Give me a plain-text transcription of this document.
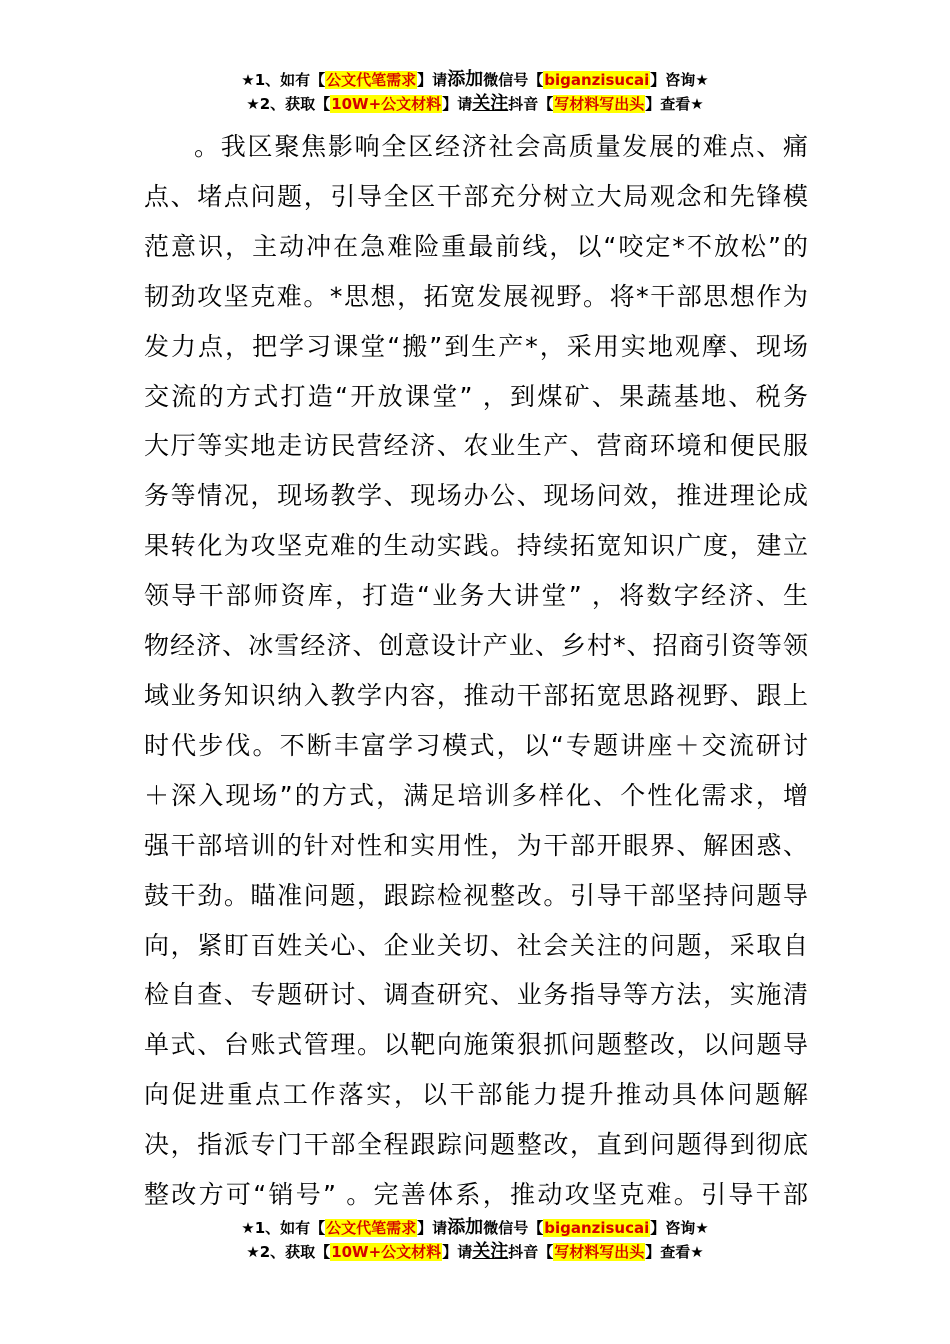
★1、如有【公文代笔需求】请添加微信号【biganzisucai】咨询★
★2、获取【10W+公文材料】请关注抖音【写材料写出头】查看★
。我区聚焦影响全区经济社会高质量发展的难点、痛
点、堵点问题，引导全区干部充分树立大局观念和先锋模
范意识，主动冲在急难险重最前线，以“咬定*不放松”的
韧劲攻坚克难。*思想，拓宽发展视野。将*干部思想作为
发力点，把学习课堂“搬”到生产*，采用实地观摩、现场
交流的方式打造“开放课堂” ，到煤矿、果蔬基地、税务
大厅等实地走访民营经济、农业生产、营商环境和便民服
务等情况，现场教学、现场办公、现场问效，推进理论成
果转化为攻坚克难的生动实践。持续拓宽知识广度，建立
领导干部师资库，打造“业务大讲堂” ，将数字经济、生
物经济、冰雪经济、创意设计产业、乡村*、招商引资等领
域业务知识纳入教学内容，推动干部拓宽思路视野、跟上
时代步伐。不断丰富学习模式，以“专题讲座＋交流研讨
＋深入现场”的方式，满足培训多样化、个性化需求，增
强干部培训的针对性和实用性，为干部开眼界、解困惑、
鼓干劲。瞄准问题，跟踪检视整改。引导干部坚持问题导
向，紧盯百姓关心、企业关切、社会关注的问题，采取自
检自查、专题研讨、调查研究、业务指导等方法，实施清
单式、台账式管理。以靶向施策狠抓问题整改，以问题导
向促进重点工作落实，以干部能力提升推动具体问题解
决，指派专门干部全程跟踪问题整改，直到问题得到彻底
整改方可“销号” 。完善体系，推动攻坚克难。引导干部
★1、如有【公文代笔需求】请添加微信号【biganzisucai】咨询★
★2、获取【10W+公文材料】请关注抖音【写材料写出头】查看★
